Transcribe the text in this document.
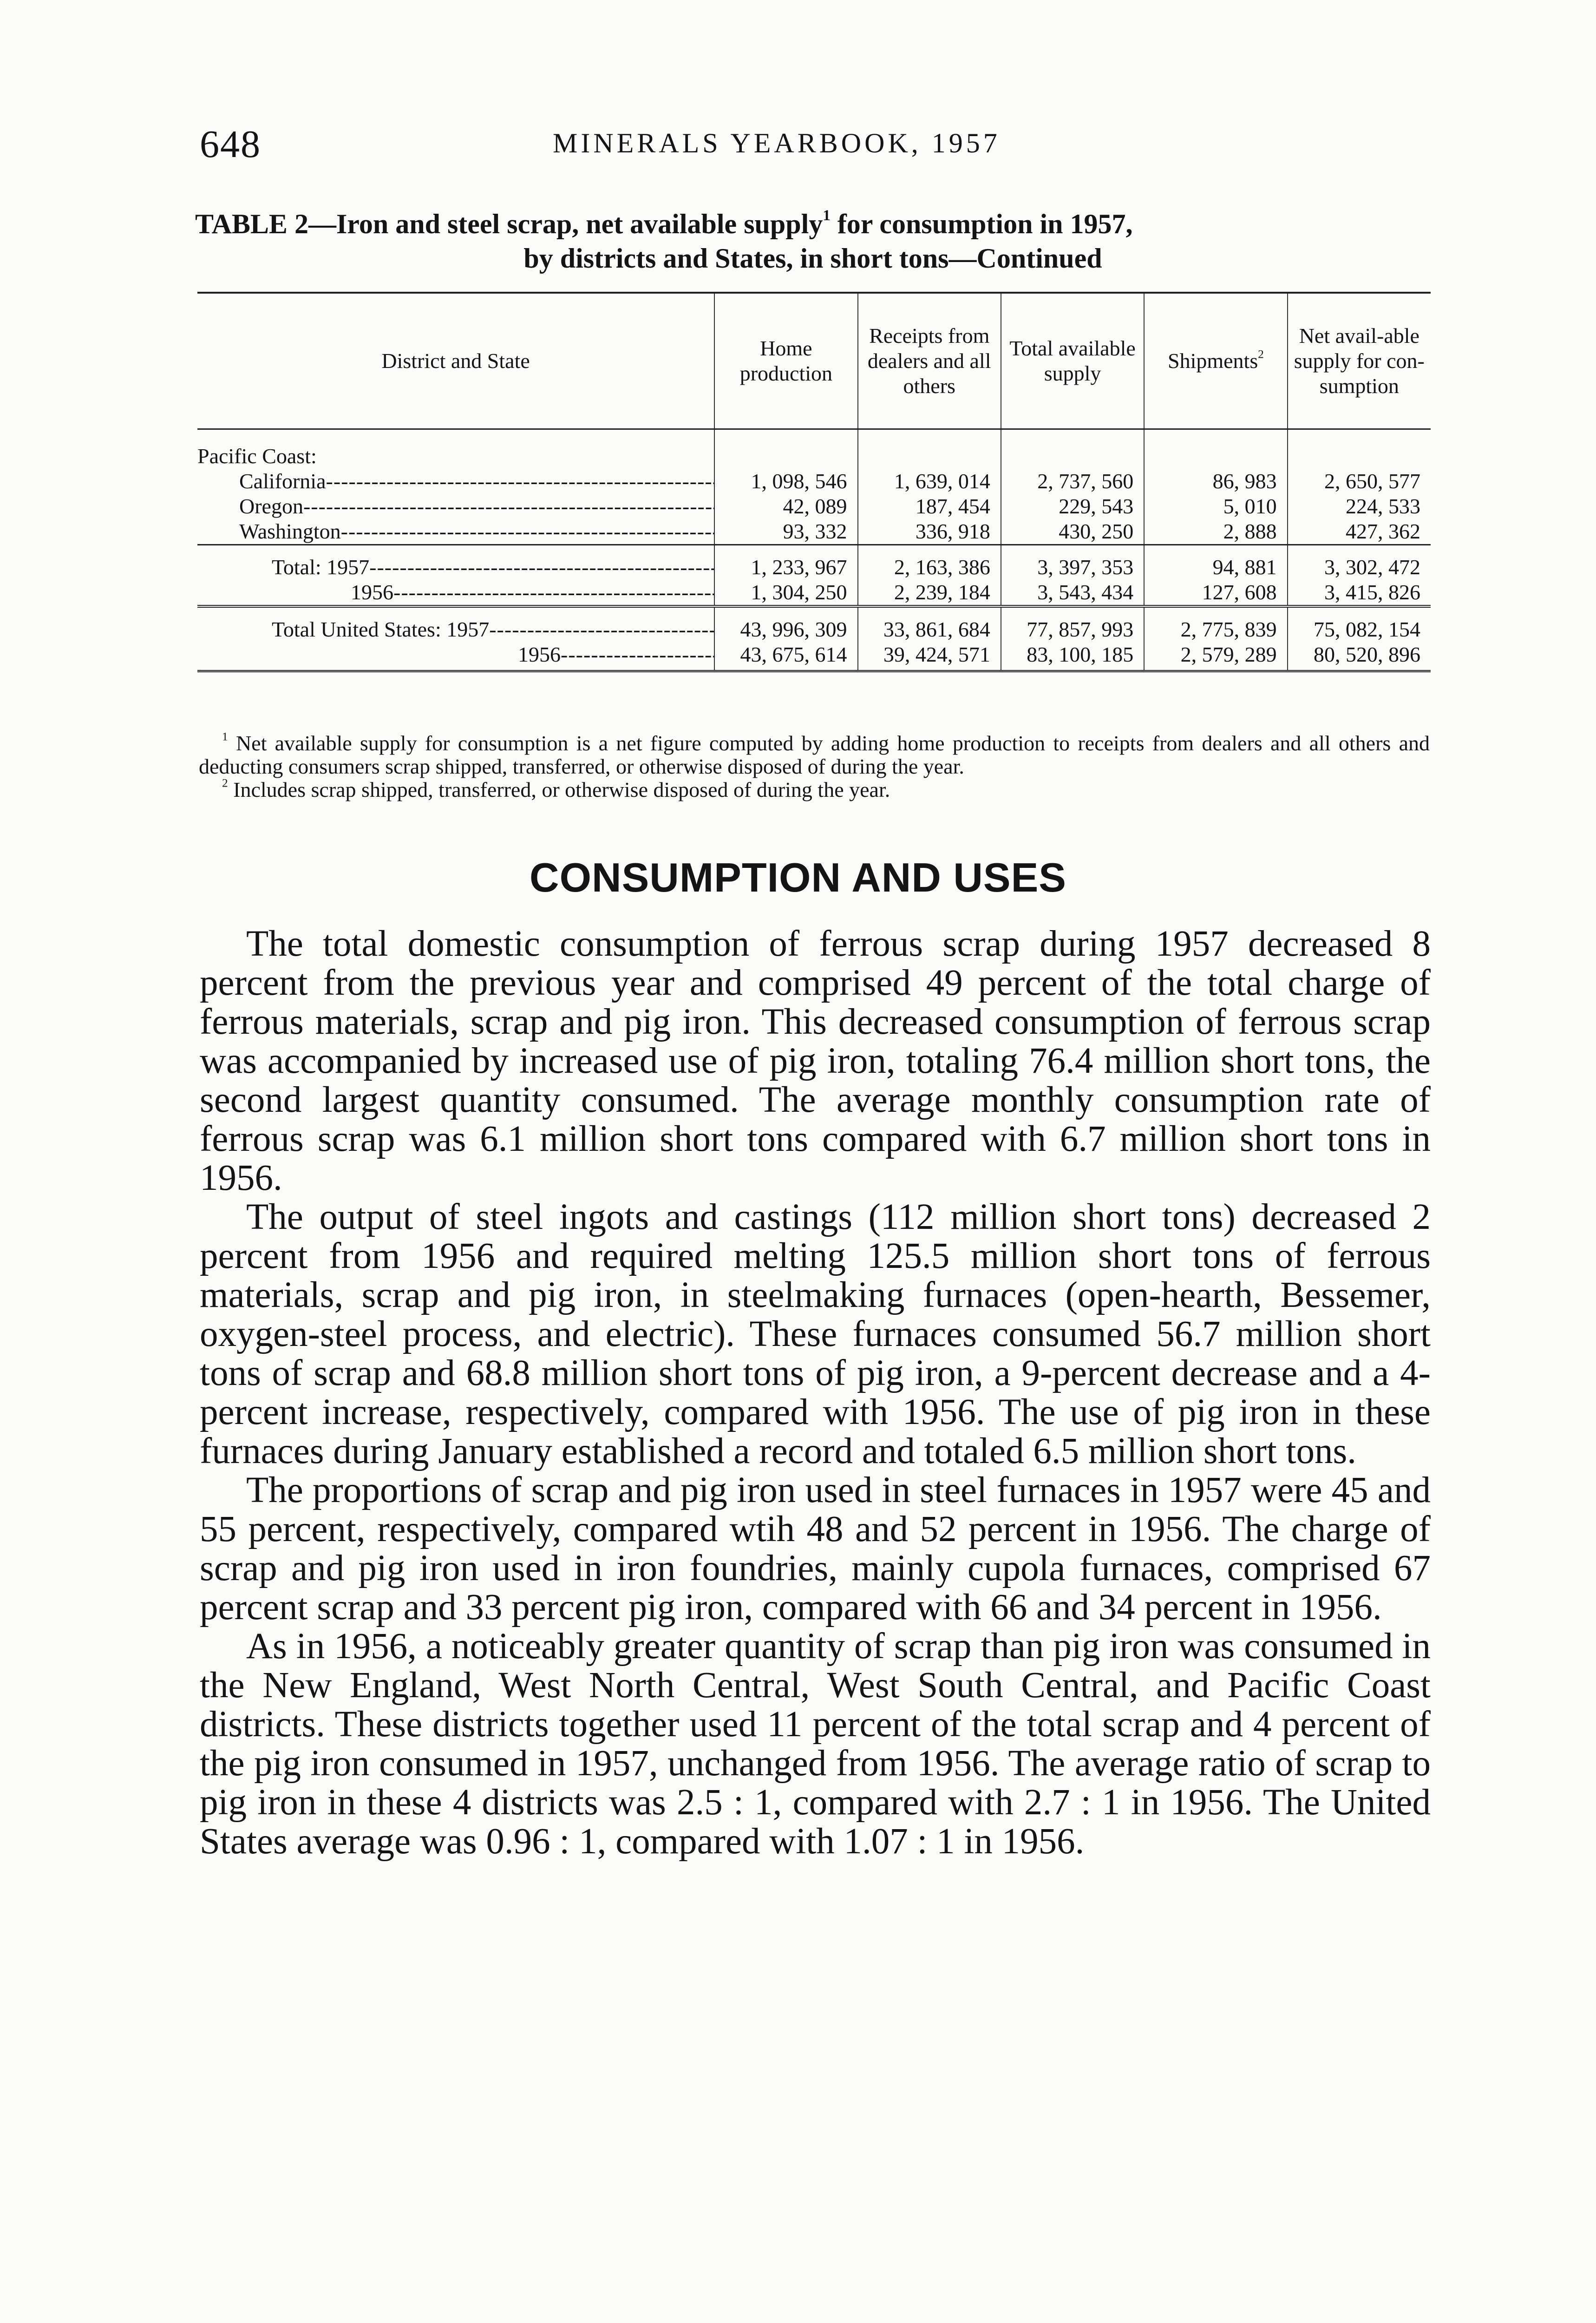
648	MINERALS YEARBOOK, 1957
TABLE 2—Iron and steel scrap, net available supply$^1$ for consumption in 1957,
by districts and States, in short tons—Continued
District and State	Home production	Receipts from dealers and all others	Total available supply	Shipments$^2$	Net avail-able supply for con-sumption
Pacific Coast:					
California -----	1, 098, 546	1, 639, 014	2, 737, 560	86, 983	2, 650, 577
Oregon -----	42, 089	187, 454	229, 543	5, 010	224, 533
Washington -----	93, 332	336, 918	430, 250	2, 888	427, 362

Total: 1957 -----	1, 233, 967	2, 163, 386	3, 397, 353	94, 881	3, 302, 472
1956 -----	1, 304, 250	2, 239, 184	3, 543, 434	127, 608	3, 415, 826

Total United States: 1957 -----	43, 996, 309	33, 861, 684	77, 857, 993	2, 775, 839	75, 082, 154
1956 -----	43, 675, 614	39, 424, 571	83, 100, 185	2, 579, 289	80, 520, 896

$^1$ Net available supply for consumption is a net figure computed by adding home production to receipts from dealers and all others and deducting consumers scrap shipped, transferred, or otherwise disposed of during the year.

$^2$ Includes scrap shipped, transferred, or otherwise disposed of during the year.

CONSUMPTION AND USES

The total domestic consumption of ferrous scrap during 1957 decreased 8 percent from the previous year and comprised 49 percent of the total charge of ferrous materials, scrap and pig iron. This decreased consumption of ferrous scrap was accompanied by increased use of pig iron, totaling 76.4 million short tons, the second largest quantity consumed. The average monthly consumption rate of ferrous scrap was 6.1 million short tons compared with 6.7 million short tons in 1956.

The output of steel ingots and castings (112 million short tons) decreased 2 percent from 1956 and required melting 125.5 million short tons of ferrous materials, scrap and pig iron, in steelmaking furnaces (open-hearth, Bessemer, oxygen-steel process, and electric). These furnaces consumed 56.7 million short tons of scrap and 68.8 million short tons of pig iron, a 9-percent decrease and a 4-percent increase, respectively, compared with 1956. The use of pig iron in these furnaces during January established a record and totaled 6.5 million short tons.

The proportions of scrap and pig iron used in steel furnaces in 1957 were 45 and 55 percent, respectively, compared wtih 48 and 52 percent in 1956. The charge of scrap and pig iron used in iron foundries, mainly cupola furnaces, comprised 67 percent scrap and 33 percent pig iron, compared with 66 and 34 percent in 1956.

As in 1956, a noticeably greater quantity of scrap than pig iron was consumed in the New England, West North Central, West South Central, and Pacific Coast districts. These districts together used 11 percent of the total scrap and 4 percent of the pig iron consumed in 1957, unchanged from 1956. The average ratio of scrap to pig iron in these 4 districts was 2.5 : 1, compared with 2.7 : 1 in 1956. The United States average was 0.96 : 1, compared with 1.07 : 1 in 1956.
